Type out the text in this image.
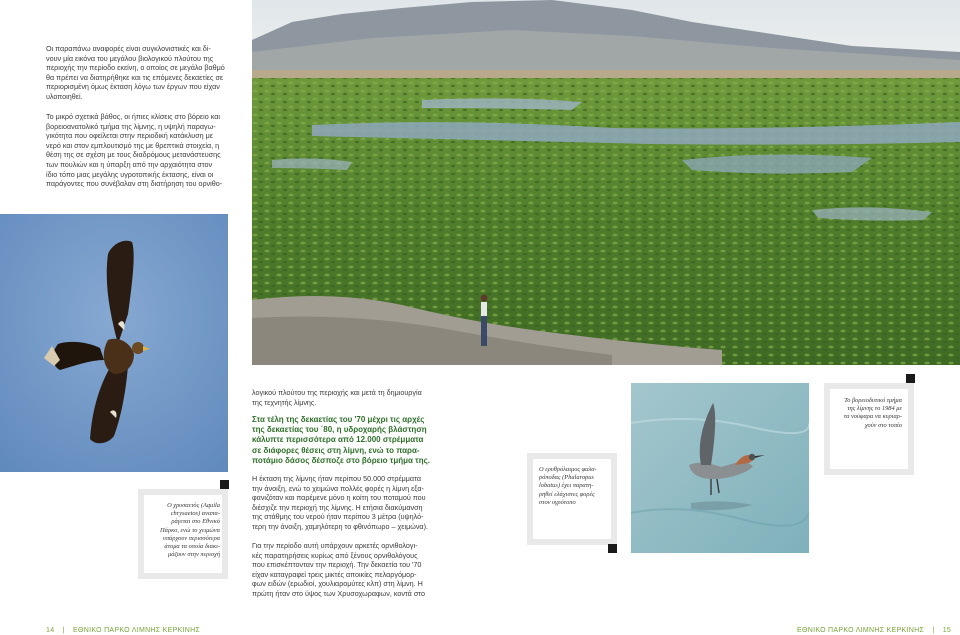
Οι παραπάνω αναφορές είναι συγκλονιστικές και δί-
νουν μία εικόνα του μεγάλου βιολογικού πλούτου της
περιοχής την περίοδο εκείνη, ο οποίος σε μεγάλο βαθμό
θα πρέπει να διατηρήθηκε και τις επόμενες δεκαετίες σε
περιορισμένη όμως έκταση λόγω των έργων που είχαν
υλοποιηθεί.

Το μικρό σχετικά βάθος, οι ήπιες κλίσεις στο βόρειο και
βορειοανατολικό τμήμα της λίμνης, η υψηλή παραγω-
γικότητα που οφείλεται στην περιοδική κατάκλυση με
νερό και στον εμπλουτισμό της με θρεπτικά στοιχεία, η
θέση της σε σχέση με τους διαδρόμους μετανάστευσης
των πουλιών και η ύπαρξη από την αρχαιότητα στον
ίδιο τόπο μιας μεγάλης υγροτοπικής έκτασης, είναι οι
παράγοντες που συνέβαλαν στη διατήρηση του ορνιθο-

Ο χρυσαετός (Aquila
chrysaetos) αναπα-
ράγεται στο Εθνικό
Πάρκο, ενώ το χειμώνα
υπάρχουν περισσότερα
άτομα τα οποία διακι-
μάζουν στην περιοχή

λογικού πλούτου της περιοχής και μετά τη δημιουργία
της τεχνητής λίμνης.

Στα τέλη της δεκαετίας του '70 μέχρι τις αρχές
της δεκαετίας του ΄80, η υδροχαρής βλάστηση
κάλυπτε περισσότερα από 12.000 στρέμματα
σε διάφορες θέσεις στη λίμνη, ενώ το παρα-
ποτάμιο δάσος δέσποζε στο βόρειο τμήμα της.

Η έκταση της λίμνης ήταν περίπου 50.000 στρέμματα
την άνοιξη, ενώ το χειμώνα πολλές φορές η λίμνη εξα-
φανιζόταν και παρέμενε μόνο η κοίτη του ποταμού που
διέσχιζε την περιοχή της λίμνης. Η ετήσια διακύμανση
της στάθμης του νερού ήταν περίπου 3 μέτρα (υψηλό-
τερη την άνοιξη, χαμηλότερη το φθινόπωρο – χειμώνα).

Για την περίοδο αυτή υπάρχουν αρκετές ορνιθολογι-
κές παρατηρήσεις κυρίως από ξένους ορνιθολόγους
που επισκέπτονταν την περιοχή. Την δεκαετία του '70
είχαν καταγραφεί τρεις μικτές αποικίες πελαργόμορ-
φων ειδών (ερωδιοί, χουλιαρομύτες κλπ) στη λίμνη. Η
πρώτη ήταν στο ύψος των Χρυσοχωραφων, κοντά στο

Ο ερυθρόλαιμος φαλα-
ρόποδας (Phalaropus
lobatus) έχει παρατη-
ρηθεί ελάχιστες φορές
στον υγρότοπο

Το βορειοδυτικό τμήμα
της λίμνης το 1984 με
τα νούφαρα να κυριαρ-
χούν στο τοπίο

14 | ΕΘΝΙΚΟ ΠΑΡΚΟ ΛΙΜΝΗΣ ΚΕΡΚΙΝΗΣ	ΕΘΝΙΚΟ ΠΑΡΚΟ ΛΙΜΝΗΣ ΚΕΡΚΙΝΗΣ | 15
